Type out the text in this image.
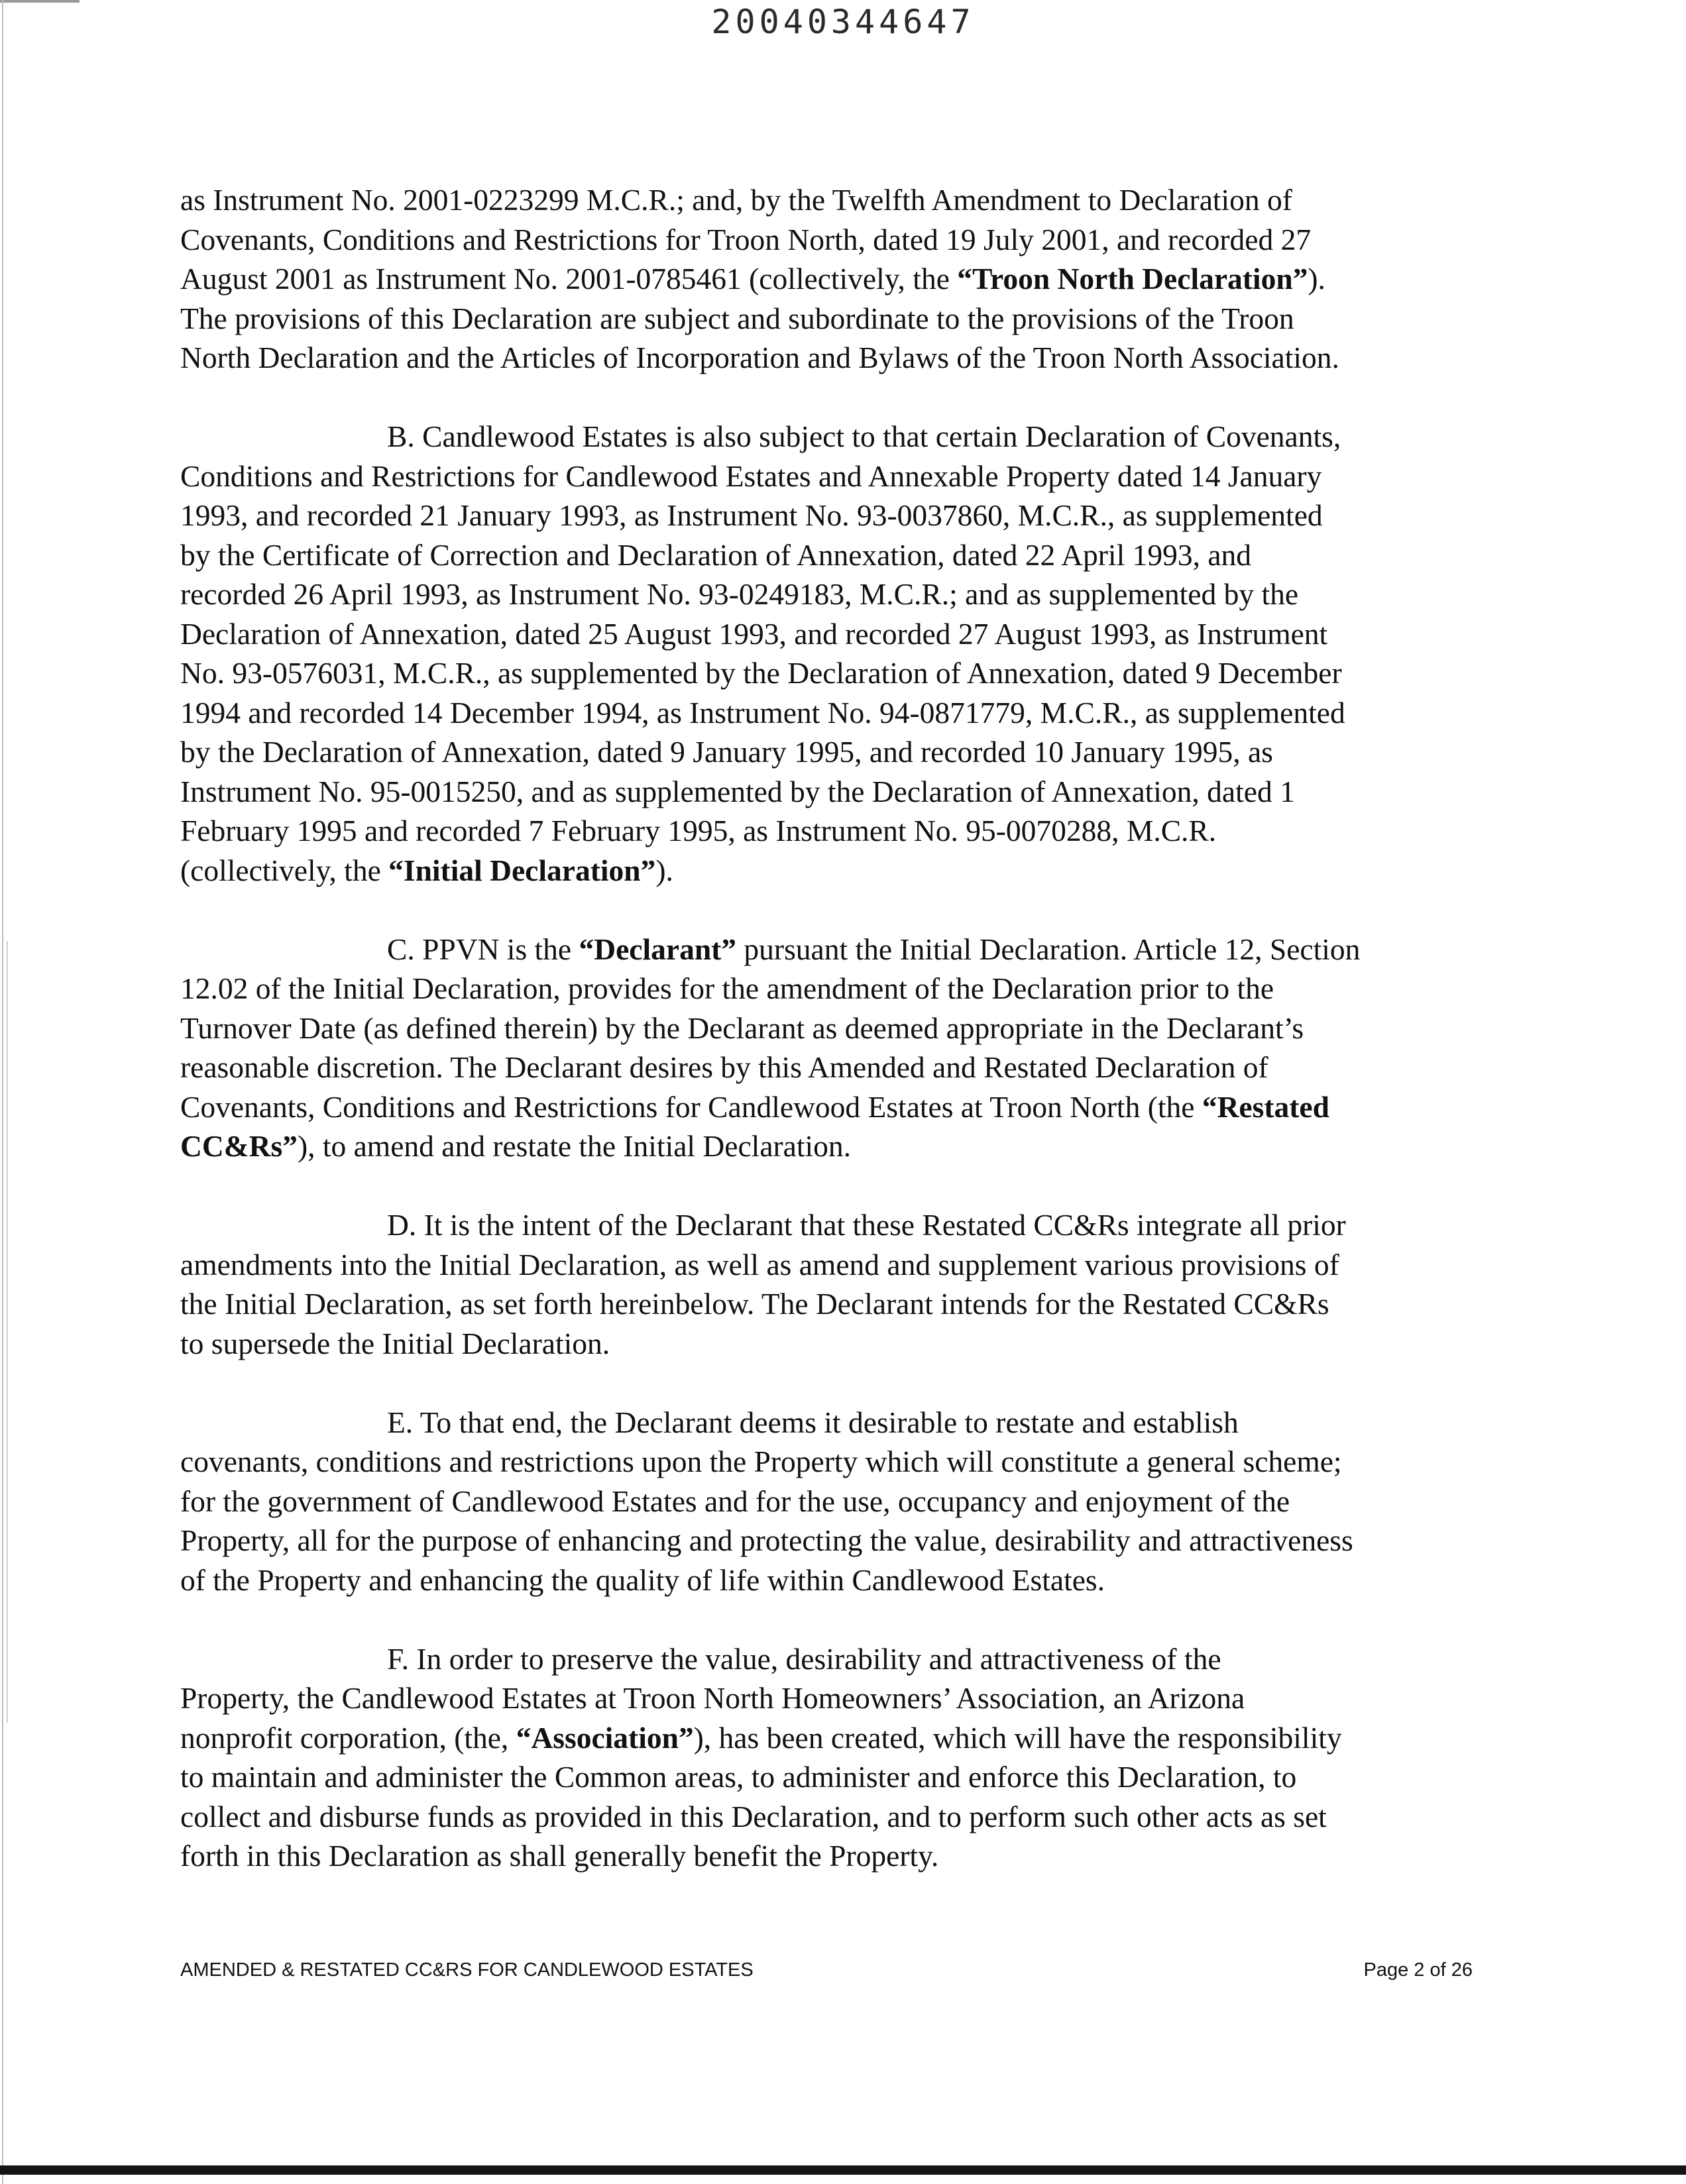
20040344647
as Instrument No. 2001-0223299 M.C.R.; and, by the Twelfth Amendment to Declaration of
Covenants, Conditions and Restrictions for Troon North, dated 19 July 2001, and recorded 27
August 2001 as Instrument No. 2001-0785461 (collectively, the “Troon North Declaration”).
The provisions of this Declaration are subject and subordinate to the provisions of the Troon
North Declaration and the Articles of Incorporation and Bylaws of the Troon North Association.
B. Candlewood Estates is also subject to that certain Declaration of Covenants,
Conditions and Restrictions for Candlewood Estates and Annexable Property dated 14 January
1993, and recorded 21 January 1993, as Instrument No. 93-0037860, M.C.R., as supplemented
by the Certificate of Correction and Declaration of Annexation, dated 22 April 1993, and
recorded 26 April 1993, as Instrument No. 93-0249183, M.C.R.; and as supplemented by the
Declaration of Annexation, dated 25 August 1993, and recorded 27 August 1993, as Instrument
No. 93-0576031, M.C.R., as supplemented by the Declaration of Annexation, dated 9 December
1994 and recorded 14 December 1994, as Instrument No. 94-0871779, M.C.R., as supplemented
by the Declaration of Annexation, dated 9 January 1995, and recorded 10 January 1995, as
Instrument No. 95-0015250, and as supplemented by the Declaration of Annexation, dated 1
February 1995 and recorded 7 February 1995, as Instrument No. 95-0070288, M.C.R.
(collectively, the “Initial Declaration”).
C. PPVN is the “Declarant” pursuant the Initial Declaration. Article 12, Section
12.02 of the Initial Declaration, provides for the amendment of the Declaration prior to the
Turnover Date (as defined therein) by the Declarant as deemed appropriate in the Declarant’s
reasonable discretion. The Declarant desires by this Amended and Restated Declaration of
Covenants, Conditions and Restrictions for Candlewood Estates at Troon North (the “Restated
CC&Rs”), to amend and restate the Initial Declaration.
D. It is the intent of the Declarant that these Restated CC&Rs integrate all prior
amendments into the Initial Declaration, as well as amend and supplement various provisions of
the Initial Declaration, as set forth hereinbelow. The Declarant intends for the Restated CC&Rs
to supersede the Initial Declaration.
E. To that end, the Declarant deems it desirable to restate and establish
covenants, conditions and restrictions upon the Property which will constitute a general scheme;
for the government of Candlewood Estates and for the use, occupancy and enjoyment of the
Property, all for the purpose of enhancing and protecting the value, desirability and attractiveness
of the Property and enhancing the quality of life within Candlewood Estates.
F. In order to preserve the value, desirability and attractiveness of the
Property, the Candlewood Estates at Troon North Homeowners’ Association, an Arizona
nonprofit corporation, (the, “Association”), has been created, which will have the responsibility
to maintain and administer the Common areas, to administer and enforce this Declaration, to
collect and disburse funds as provided in this Declaration, and to perform such other acts as set
forth in this Declaration as shall generally benefit the Property.
AMENDED & RESTATED CC&RS FOR CANDLEWOOD ESTATES	Page 2 of 26
